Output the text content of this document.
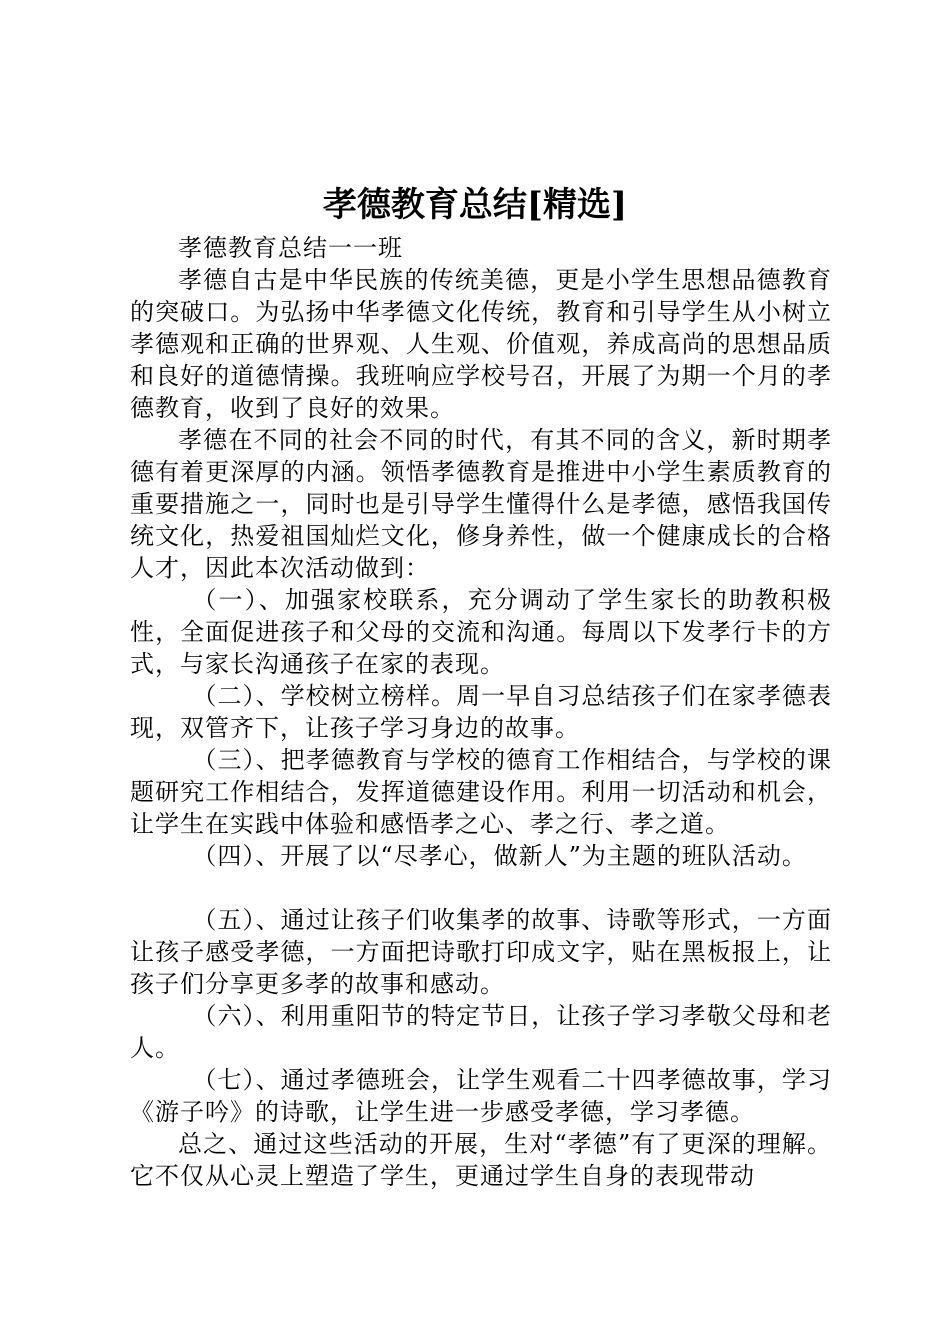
孝德教育总结[精选]

孝德教育总结一一班

孝德自古是中华民族的传统美德，更是小学生思想品德教育的突破口。为弘扬中华孝德文化传统，教育和引导学生从小树立孝德观和正确的世界观、人生观、价值观，养成高尚的思想品质和良好的道德情操。我班响应学校号召，开展了为期一个月的孝德教育，收到了良好的效果。

孝德在不同的社会不同的时代，有其不同的含义，新时期孝德有着更深厚的内涵。领悟孝德教育是推进中小学生素质教育的重要措施之一，同时也是引导学生懂得什么是孝德，感悟我国传统文化，热爱祖国灿烂文化，修身养性，做一个健康成长的合格人才，因此本次活动做到：

（一）、加强家校联系，充分调动了学生家长的助教积极性，全面促进孩子和父母的交流和沟通。每周以下发孝行卡的方式，与家长沟通孩子在家的表现。

（二）、学校树立榜样。周一早自习总结孩子们在家孝德表现，双管齐下，让孩子学习身边的故事。

（三）、把孝德教育与学校的德育工作相结合，与学校的课题研究工作相结合，发挥道德建设作用。利用一切活动和机会，让学生在实践中体验和感悟孝之心、孝之行、孝之道。

（四）、开展了以“尽孝心，做新人”为主题的班队活动。

（五）、通过让孩子们收集孝的故事、诗歌等形式，一方面让孩子感受孝德，一方面把诗歌打印成文字，贴在黑板报上，让孩子们分享更多孝的故事和感动。

（六）、利用重阳节的特定节日，让孩子学习孝敬父母和老人。

（七）、通过孝德班会，让学生观看二十四孝德故事，学习《游子吟》的诗歌，让学生进一步感受孝德，学习孝德。

总之、通过这些活动的开展，生对“孝德”有了更深的理解。它不仅从心灵上塑造了学生，更通过学生自身的表现带动
